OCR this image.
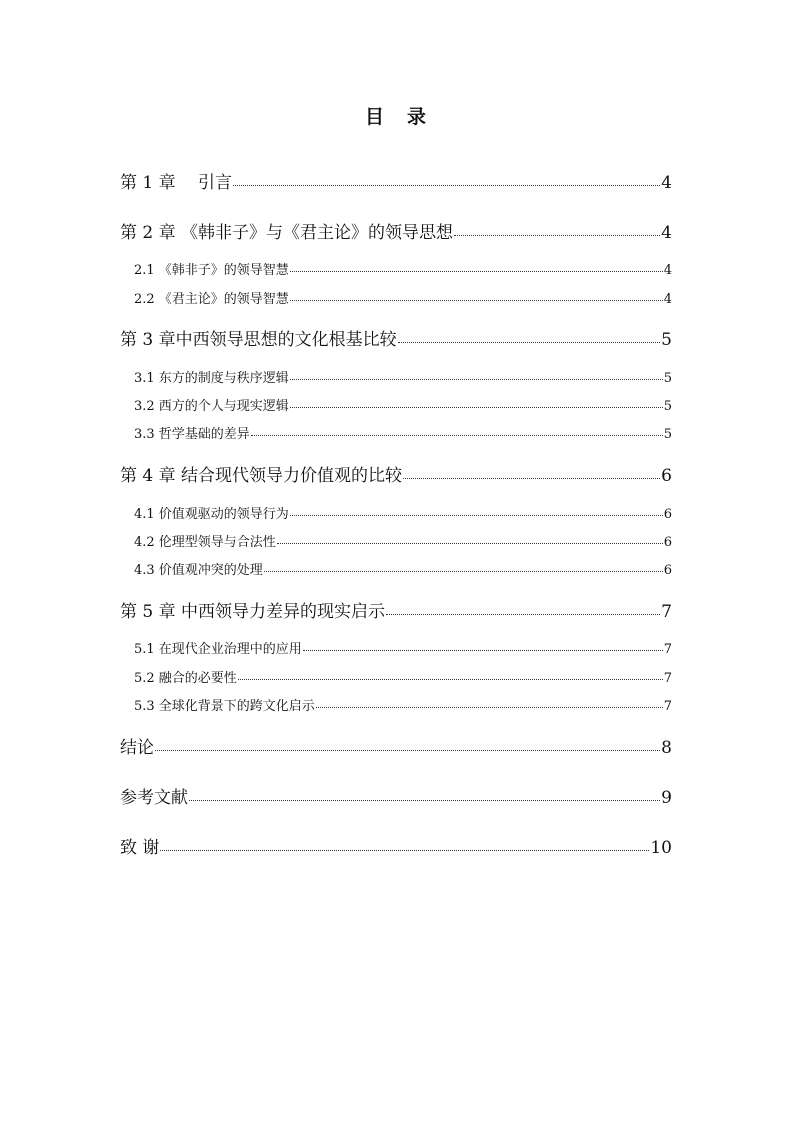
目　录
第 1 章　 引言	4
第 2 章 《韩非子》与《君主论》的领导思想	4
2.1 《韩非子》的领导智慧	4
2.2 《君主论》的领导智慧	4
第 3 章中西领导思想的文化根基比较	5
3.1 东方的制度与秩序逻辑	5
3.2 西方的个人与现实逻辑	5
3.3 哲学基础的差异	5
第 4 章 结合现代领导力价值观的比较	6
4.1 价值观驱动的领导行为	6
4.2 伦理型领导与合法性	6
4.3 价值观冲突的处理	6
第 5 章 中西领导力差异的现实启示	7
5.1 在现代企业治理中的应用	7
5.2 融合的必要性	7
5.3 全球化背景下的跨文化启示	7
结论	8
参考文献	9
致 谢	10
